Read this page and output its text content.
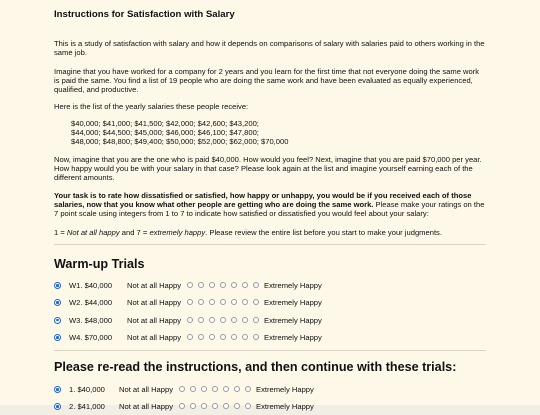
Instructions for Satisfaction with Salary
This is a study of satisfaction with salary and how it depends on comparisons of salary with salaries paid to others working in the same job.
Imagine that you have worked for a company for 2 years and you learn for the first time that not everyone doing the same work is paid the same. You find a list of 19 people who are doing the same work and have been evaluated as equally experienced, qualified, and productive.
Here is the list of the yearly salaries these people receive:
$40,000; $41,000; $41,500; $42,000; $42,600; $43,200;
$44,000; $44,500; $45,000; $46,000; $46,100; $47,800;
$48,000; $48,800; $49,400; $50,000; $52,000; $62,000; $70,000
Now, imagine that you are the one who is paid $40,000. How would you feel? Next, imagine that you are paid $70,000 per year. How happy would you be with your salary in that case? Please look again at the list and imagine yourself earning each of the different amounts.
Your task is to rate how dissatisfied or satisfied, how happy or unhappy, you would be if you received each of those salaries, now that you know what other people are getting who are doing the same work. Please make your ratings on the 7 point scale using integers from 1 to 7 to indicate how satisfied or dissatisfied you would feel about your salary:
1 = Not at all happy and 7 = extremely happy. Please review the entire list before you start to make your judgments.
Warm-up Trials
W1. $40,000 Not at all Happy	Extremely Happy
W2. $44,000 Not at all Happy	Extremely Happy
W3. $48,000 Not at all Happy	Extremely Happy
W4. $70,000 Not at all Happy	Extremely Happy
Please re-read the instructions, and then continue with these trials:
1. $40,000 Not at all Happy	Extremely Happy
2. $41,000 Not at all Happy	Extremely Happy
